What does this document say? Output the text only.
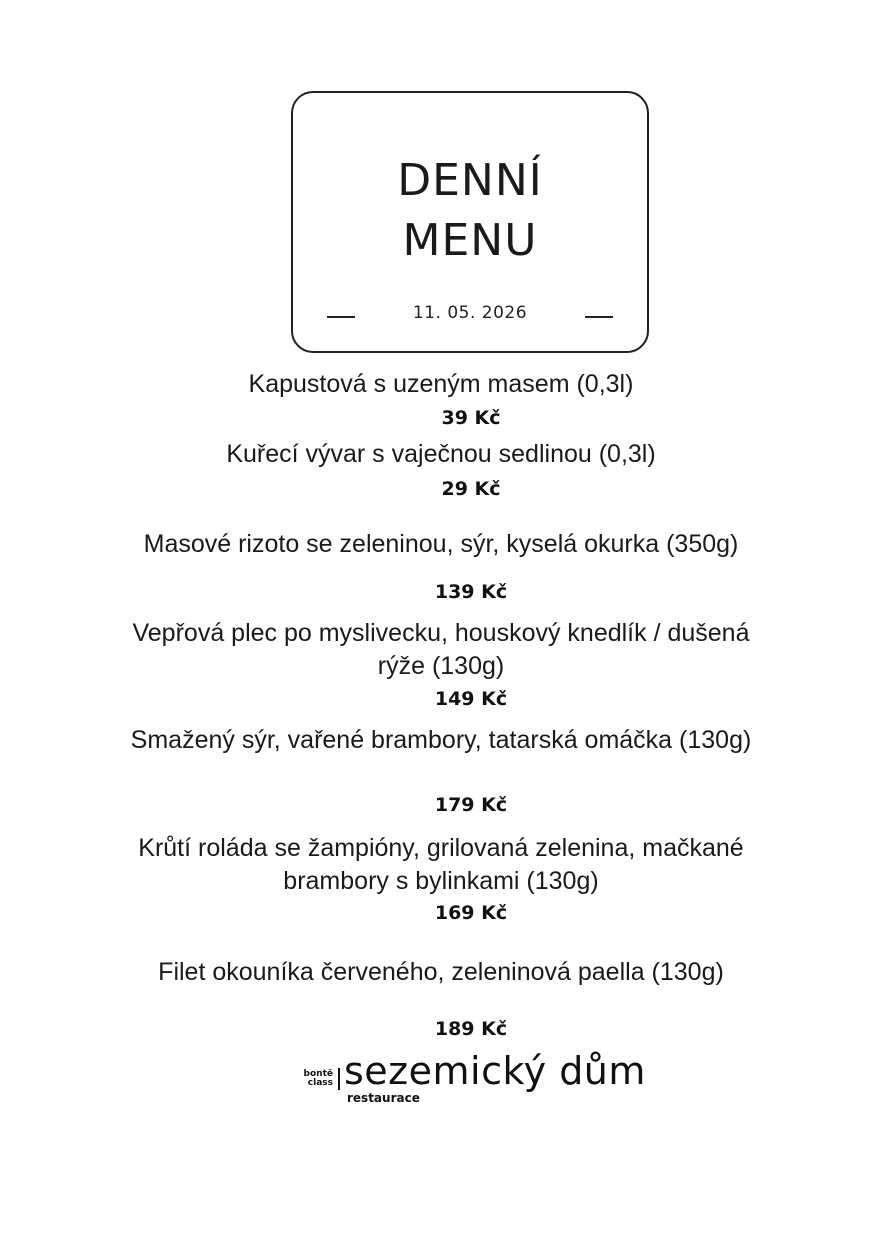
DENNÍ
MENU
11. 05. 2026
Kapustová s uzeným masem (0,3l)
39 Kč
Kuřecí vývar s vaječnou sedlinou (0,3l)
29 Kč
Masové rizoto se zeleninou, sýr, kyselá okurka (350g)
139 Kč
Vepřová plec po myslivecku, houskový knedlík / dušená rýže (130g)
149 Kč
Smažený sýr, vařené brambory, tatarská omáčka (130g)
179 Kč
Krůtí roláda se žampióny, grilovaná zelenina, mačkané brambory s bylinkami (130g)
169 Kč
Filet okouníka červeného, zeleninová paella (130g)
189 Kč
bontě
class sezemický dům
restaurace
